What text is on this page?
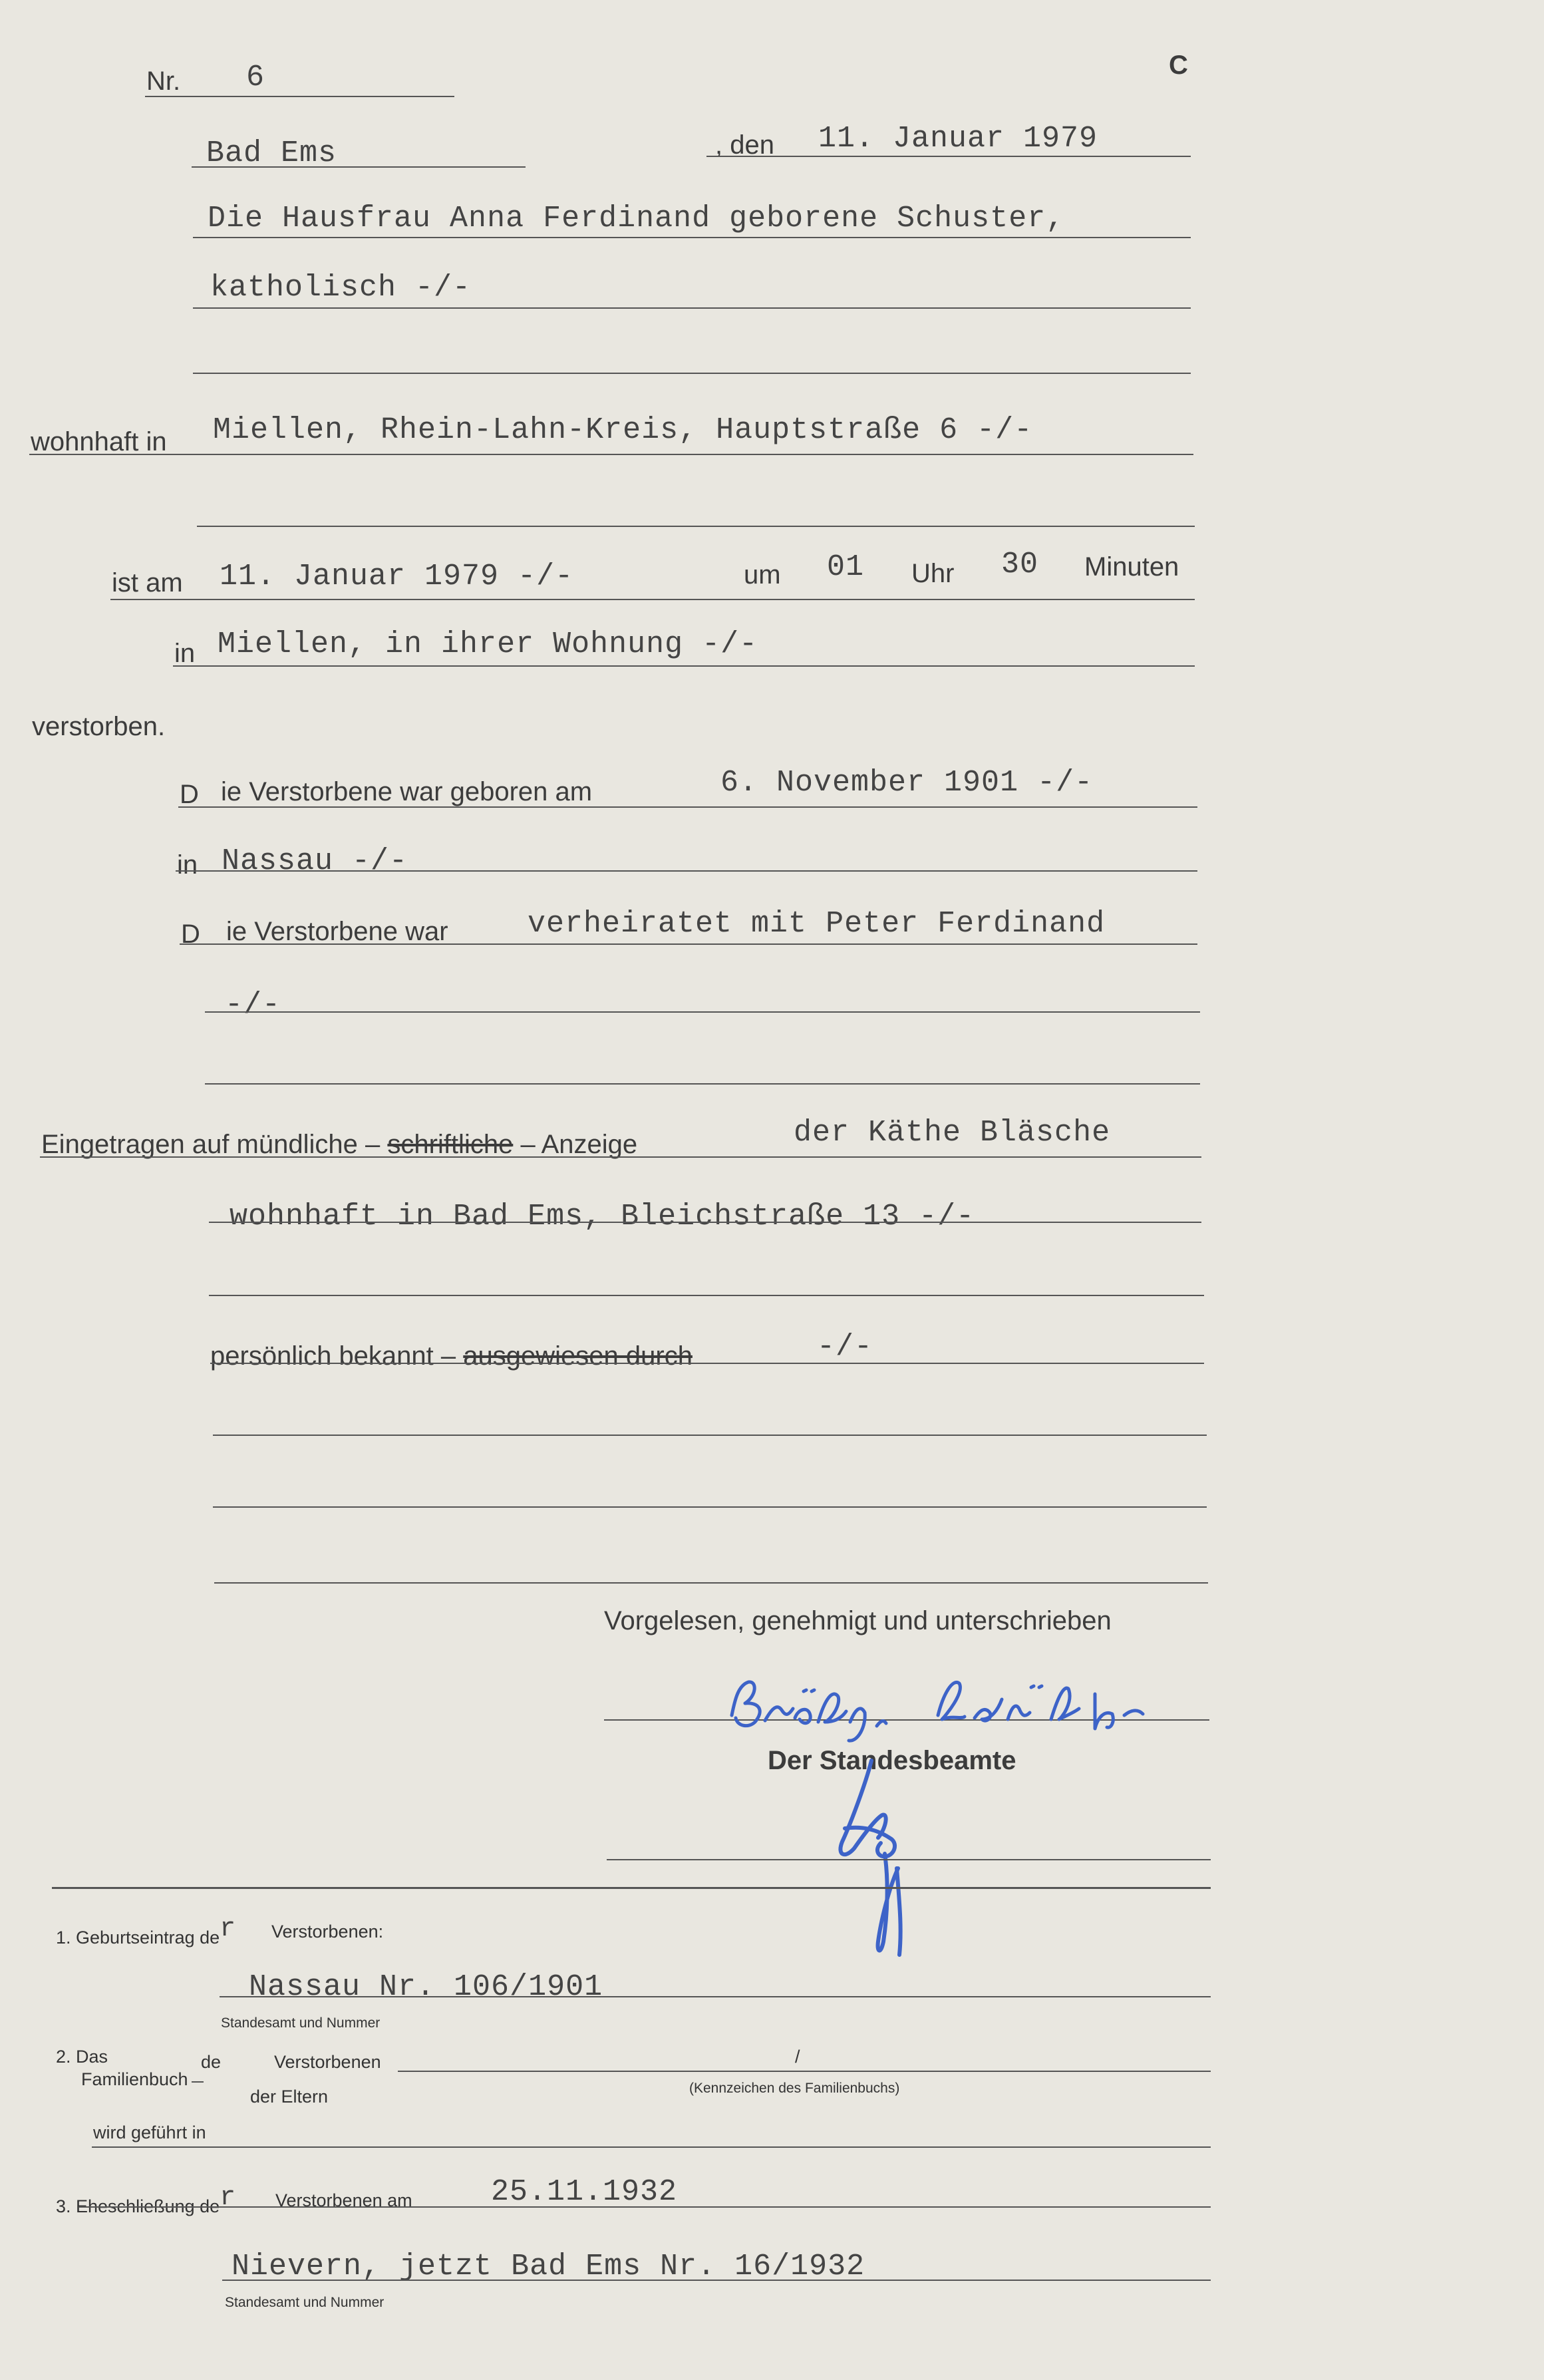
Nr. 6	C
Bad Ems	, den 11. Januar 1979
Die Hausfrau Anna Ferdinand geborene Schuster,
katholisch -/-
wohnhaft in Miellen, Rhein-Lahn-Kreis, Hauptstraße 6 -/-
ist am 11. Januar 1979 -/-	um 01 Uhr 30 Minuten
in Miellen, in ihrer Wohnung -/-
verstorben.
D ie Verstorbene war geboren am	6. November 1901 -/-
in Nassau -/-
D ie Verstorbene war	verheiratet mit Peter Ferdinand
-/-
Eingetragen auf mündliche – schriftliche – Anzeige	der Käthe Bläsche
wohnhaft in Bad Ems, Bleichstraße 13 -/-
persönlich bekannt – ausgewiesen durch	-/-
Vorgelesen, genehmigt und unterschrieben
Der Standesbeamte
1. Geburtseintrag der Verstorbenen:
Nassau Nr. 106/1901
Standesamt und Nummer
2. Das
Familienbuch
de	Verstorbenen
der Eltern
/
(Kennzeichen des Familienbuchs)
wird geführt in
3. Eheschließung der Verstorbenen am	25.11.1932
Nievern, jetzt Bad Ems Nr. 16/1932
Standesamt und Nummer
